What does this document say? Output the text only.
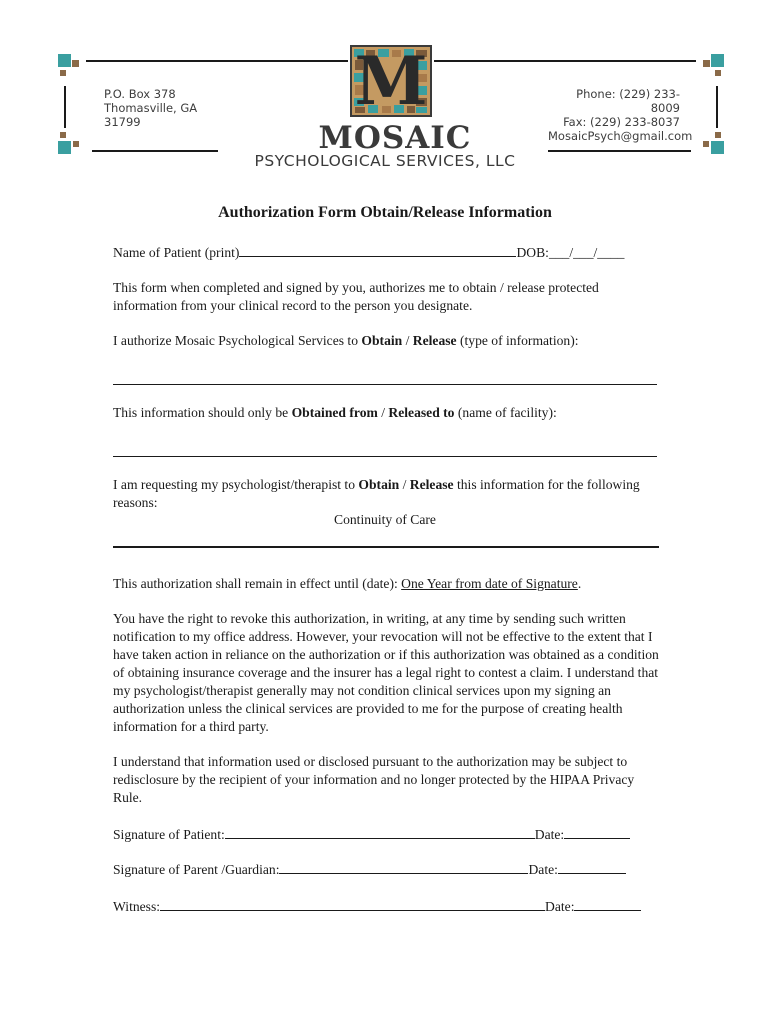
P.O. Box 378
Thomasville, GA
31799
Phone: (229) 233-8009
Fax: (229) 233-8037
MosaicPsych@gmail.com
M
MOSAIC
PSYCHOLOGICAL SERVICES, LLC
Authorization Form Obtain/Release Information
Name of Patient (print)	DOB:___/___/____
This form when completed and signed by you, authorizes me to obtain / release protected information from your clinical record to the person you designate.
I authorize Mosaic Psychological Services to Obtain / Release (type of information):
This information should only be Obtained from / Released to (name of facility):
I am requesting my psychologist/therapist to Obtain / Release this information for the following reasons:
Continuity of Care
This authorization shall remain in effect until (date): One Year from date of Signature.
You have the right to revoke this authorization, in writing, at any time by sending such written notification to my office address. However, your revocation will not be effective to the extent that I have taken action in reliance on the authorization or if this authorization was obtained as a condition of obtaining insurance coverage and the insurer has a legal right to contest a claim. I understand that my psychologist/therapist generally may not condition clinical services upon my signing an authorization unless the clinical services are provided to me for the purpose of creating health information for a third party.
I understand that information used or disclosed pursuant to the authorization may be subject to redisclosure by the recipient of your information and no longer protected by the HIPAA Privacy Rule.
Signature of Patient:	Date:
Signature of Parent /Guardian:	Date:
Witness:	Date:
